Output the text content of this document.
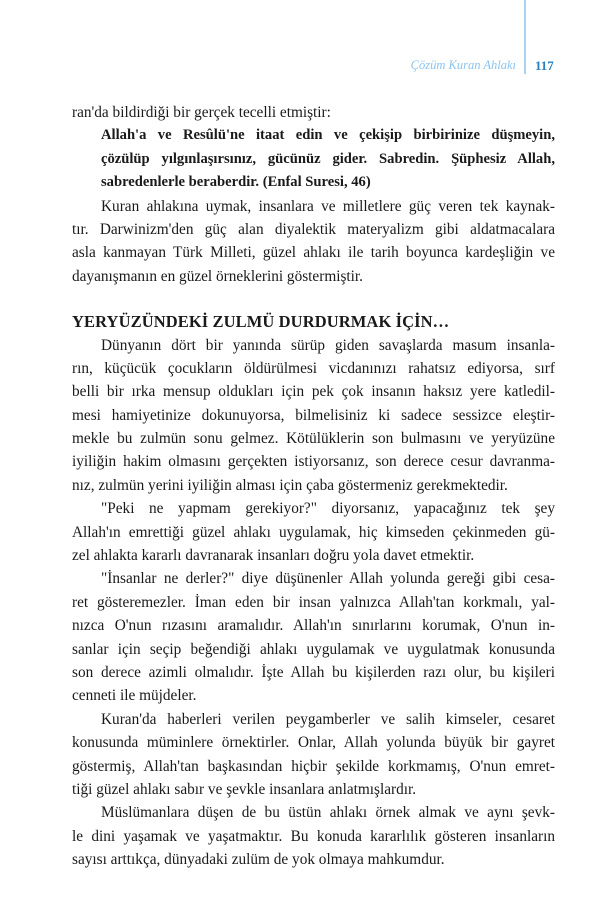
Çözüm Kuran Ahlakı 117
ran'da bildirdiği bir gerçek tecelli etmiştir:
Allah'a ve Resûlü'ne itaat edin ve çekişip birbirinize düşmeyin,
çözülüp yılgınlaşırsınız, gücünüz gider. Sabredin. Şüphesiz Allah,
sabredenlerle beraberdir. (Enfal Suresi, 46)
Kuran ahlakına uymak, insanlara ve milletlere güç veren tek kaynak-
tır. Darwinizm'den güç alan diyalektik materyalizm gibi aldatmacalara
asla kanmayan Türk Milleti, güzel ahlakı ile tarih boyunca kardeşliğin ve
dayanışmanın en güzel örneklerini göstermiştir.
YERYÜZÜNDEKİ ZULMÜ DURDURMAK İÇİN…
Dünyanın dört bir yanında sürüp giden savaşlarda masum insanla-
rın, küçücük çocukların öldürülmesi vicdanınızı rahatsız ediyorsa, sırf
belli bir ırka mensup oldukları için pek çok insanın haksız yere katledil-
mesi hamiyetinize dokunuyorsa, bilmelisiniz ki sadece sessizce eleştir-
mekle bu zulmün sonu gelmez. Kötülüklerin son bulmasını ve yeryüzüne
iyiliğin hakim olmasını gerçekten istiyorsanız, son derece cesur davranma-
nız, zulmün yerini iyiliğin alması için çaba göstermeniz gerekmektedir.
"Peki ne yapmam gerekiyor?" diyorsanız, yapacağınız tek şey
Allah'ın emrettiği güzel ahlakı uygulamak, hiç kimseden çekinmeden gü-
zel ahlakta kararlı davranarak insanları doğru yola davet etmektir.
"İnsanlar ne derler?" diye düşünenler Allah yolunda gereği gibi cesa-
ret gösteremezler. İman eden bir insan yalnızca Allah'tan korkmalı, yal-
nızca O'nun rızasını aramalıdır. Allah'ın sınırlarını korumak, O'nun in-
sanlar için seçip beğendiği ahlakı uygulamak ve uygulatmak konusunda
son derece azimli olmalıdır. İşte Allah bu kişilerden razı olur, bu kişileri
cenneti ile müjdeler.
Kuran'da haberleri verilen peygamberler ve salih kimseler, cesaret
konusunda müminlere örnektirler. Onlar, Allah yolunda büyük bir gayret
göstermiş, Allah'tan başkasından hiçbir şekilde korkmamış, O'nun emret-
tiği güzel ahlakı sabır ve şevkle insanlara anlatmışlardır.
Müslümanlara düşen de bu üstün ahlakı örnek almak ve aynı şevk-
le dini yaşamak ve yaşatmaktır. Bu konuda kararlılık gösteren insanların
sayısı arttıkça, dünyadaki zulüm de yok olmaya mahkumdur.
